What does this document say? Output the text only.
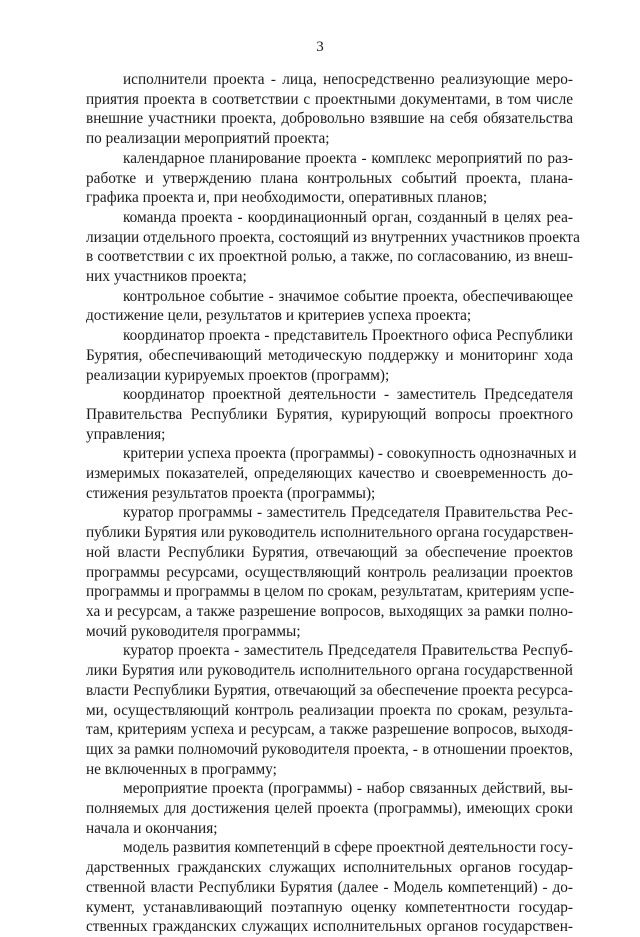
3

исполнители проекта - лица, непосредственно реализующие меро-
приятия проекта в соответствии с проектными документами, в том числе
внешние участники проекта, добровольно взявшие на себя обязательства
по реализации мероприятий проекта;

календарное планирование проекта - комплекс мероприятий по раз-
работке и утверждению плана контрольных событий проекта, плана-
графика проекта и, при необходимости, оперативных планов;

команда проекта - координационный орган, созданный в целях реа-
лизации отдельного проекта, состоящий из внутренних участников проекта
в соответствии с их проектной ролью, а также, по согласованию, из внеш-
них участников проекта;

контрольное событие - значимое событие проекта, обеспечивающее
достижение цели, результатов и критериев успеха проекта;

координатор проекта - представитель Проектного офиса Республики
Бурятия, обеспечивающий методическую поддержку и мониторинг хода
реализации курируемых проектов (программ);

координатор проектной деятельности - заместитель Председателя
Правительства Республики Бурятия, курирующий вопросы проектного
управления;

критерии успеха проекта (программы) - совокупность однозначных и
измеримых показателей, определяющих качество и своевременность до-
стижения результатов проекта (программы);

куратор программы - заместитель Председателя Правительства Рес-
публики Бурятия или руководитель исполнительного органа государствен-
ной власти Республики Бурятия, отвечающий за обеспечение проектов
программы ресурсами, осуществляющий контроль реализации проектов
программы и программы в целом по срокам, результатам, критериям успе-
ха и ресурсам, а также разрешение вопросов, выходящих за рамки полно-
мочий руководителя программы;

куратор проекта - заместитель Председателя Правительства Респуб-
лики Бурятия или руководитель исполнительного органа государственной
власти Республики Бурятия, отвечающий за обеспечение проекта ресурса-
ми, осуществляющий контроль реализации проекта по срокам, результа-
там, критериям успеха и ресурсам, а также разрешение вопросов, выходя-
щих за рамки полномочий руководителя проекта, - в отношении проектов,
не включенных в программу;

мероприятие проекта (программы) - набор связанных действий, вы-
полняемых для достижения целей проекта (программы), имеющих сроки
начала и окончания;

модель развития компетенций в сфере проектной деятельности госу-
дарственных гражданских служащих исполнительных органов государ-
ственной власти Республики Бурятия (далее - Модель компетенций) - до-
кумент, устанавливающий поэтапную оценку компетентности государ-
ственных гражданских служащих исполнительных органов государствен-
